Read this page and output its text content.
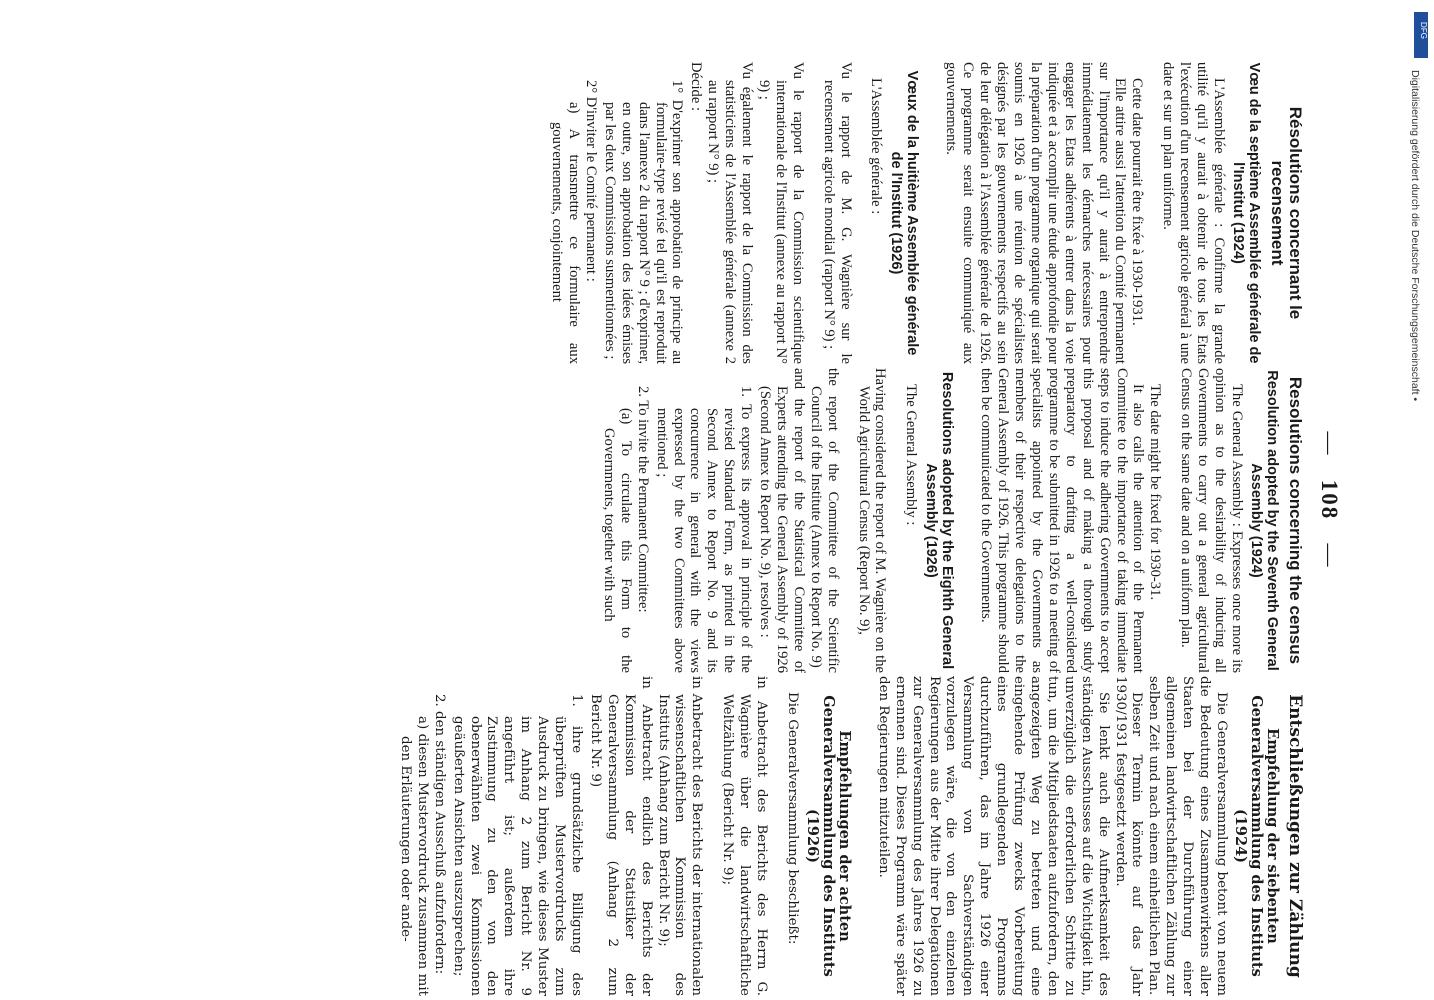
—   108   —

Résolutions concernant le recensement

Vœu de la septième Assemblée générale de l'Institut (1924)

L'Assemblée générale : Confirme la grande utilité qu'il y aurait à obtenir de tous les Etats l'exécution d'un recensement agricole général à une date et sur un plan uniforme.

Cette date pourrait être fixée à 1930-1931.

Elle attire aussi l'attention du Comité permanent sur l'importance qu'il y aurait à entreprendre immédiatement les démarches nécessaires pour engager les Etats adhérents à entrer dans la voie indiquée et à accomplir une étude approfondie pour la préparation d'un programme organique qui serait soumis en 1926 à une réunion de spécialistes désignés par les gouvernements respectifs au sein de leur délégation à l'Assemblée générale de 1926. Ce programme serait ensuite communiqué aux gouvernements.

Vœux de la huitième Assemblée générale de l'Institut (1926)

L'Assemblée générale :

Vu le rapport de M. G. Wagnière sur le recensement agricole mondial (rapport N° 9) ;

Vu le rapport de la Commission scientifique internationale de l'Institut (annexe au rapport N° 9) ;

Vu également le rapport de la Commission des statisticiens de l'Assemblée générale (annexe 2 au rapport N° 9) ;

Décide :

1° D'exprimer son approbation de principe au formulaire-type revisé tel qu'il est reproduit dans l'annexe 2 du rapport N° 9 ; d'exprimer, en outre, son approbation des idées émises par les deux Commissions susmentionnées ;

2° D'inviter le Comité permanent :

a) A transmettre ce formulaire aux gouvernements, conjointement

Resolutions concerning the census

Resolution adopted by the Seventh General Assembly (1924)

The General Assembly : Expresses once more its opinion as to the desirability of inducing all Governments to carry out a general agricultural Census on the same date and on a uniform plan.

The date might be fixed for 1930-31.

It also calls the attention of the Permanent Committee to the importance of taking immediate steps to induce the adhering Governments to accept this proposal and of making a thorough study preparatory to drafting a well-considered programme to be submitted in 1926 to a meeting of specialists appointed by the Governments as members of their respective delegations to the General Assembly of 1926. This programme should then be communicated to the Governments.

Resolutions adopted by the Eighth General Assembly (1926)

The General Assembly :

Having considered the report of M. Wagnière on the World Agricultural Census (Report No. 9),

the report of the Committee of the Scientific Council of the Institute (Annex to Report No. 9)

and the report of the Statistical Committee of Experts attending the General Assembly of 1926 (Second Annex to Report No. 9), resolves :

1. To express its approval in principle of the revised Standard Form, as printed in the Second Annex to Report No. 9 and its concurrence in general with the views expressed by the two Committees above mentioned ;

2. To invite the Permanent Committee:

(a) To circulate this Form to the Governments, together with such

Entschließungen zur Zählung

Empfehlung der siebenten Generalversammlung des Instituts (1924)

Die Generalversammlung betont von neuem die Bedeutung eines Zusammenwirkens aller Staaten bei der Durchführung einer allgemeinen landwirtschaftlichen Zählung zur selben Zeit und nach einem einheitlichen Plan.

Dieser Termin könnte auf das Jahr 1930/1931 festgesetzt werden.

Sie lenkt auch die Aufmerksamkeit des ständigen Ausschusses auf die Wichtigkeit hin, unverzüglich die erforderlichen Schritte zu tun, um die Mitgliedstaaten aufzufordern, den angezeigten Weg zu betreten und eine eingehende Prüfung zwecks Vorbereitung eines grundlegenden Programms durchzuführen, das im Jahre 1926 einer Versammlung von Sachverständigen vorzulegen wäre, die von den einzelnen Regierungen aus der Mitte ihrer Delegationen zur Generalversammlung des Jahres 1926 zu ernennen sind. Dieses Programm wäre später den Regierungen mitzuteilen.

Empfehlungen der achten Generalversammlung des Instituts (1926)

Die Generalversammlung beschließt:

in Anbetracht des Berichts des Herrn G. Wagnière über die landwirtschaftliche Weltzählung (Bericht Nr. 9);

in Anbetracht des Berichts der internationalen wissenschaftlichen Kommission des Instituts (Anhang zum Bericht Nr. 9);

in Anbetracht endlich des Berichts der Kommission der Statistiker der Generalversammlung (Anhang 2 zum Bericht Nr. 9)

1. ihre grundsätzliche Billigung des überprüften Mustervordrucks zum Ausdruck zu bringen, wie dieses Muster im Anhang 2 zum Bericht Nr. 9 angeführt ist; außerdem ihre Zustimmung zu den von den obenerwähnten zwei Kommissionen geäußerten Ansichten auszusprechen;

2. den ständigen Ausschuß aufzufordern:

a) diesen Mustervordruck zusammen mit den Erläuterungen oder ande-

DFG
Digitalisierung gefördert durch die Deutsche Forschungsgemeinschaft •
